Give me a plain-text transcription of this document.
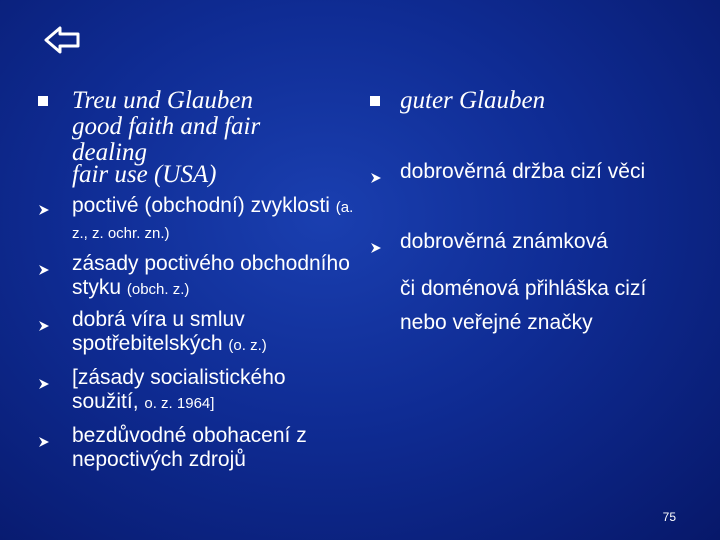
Treu und Glauben
good faith and fair dealing
fair use (USA)
poctivé (obchodní) zvyklosti (a. z., z. ochr. zn.)
zásady poctivého obchodního styku (obch. z.)
dobrá víra u smluv spotřebitelských (o. z.)
[zásady socialistického soužití, o. z. 1964]
bezdůvodné obohacení z nepoctivých zdrojů
guter Glauben
dobrověrná držba cizí věci
dobrověrná známková
či doménová přihláška cizí nebo veřejné značky
75
